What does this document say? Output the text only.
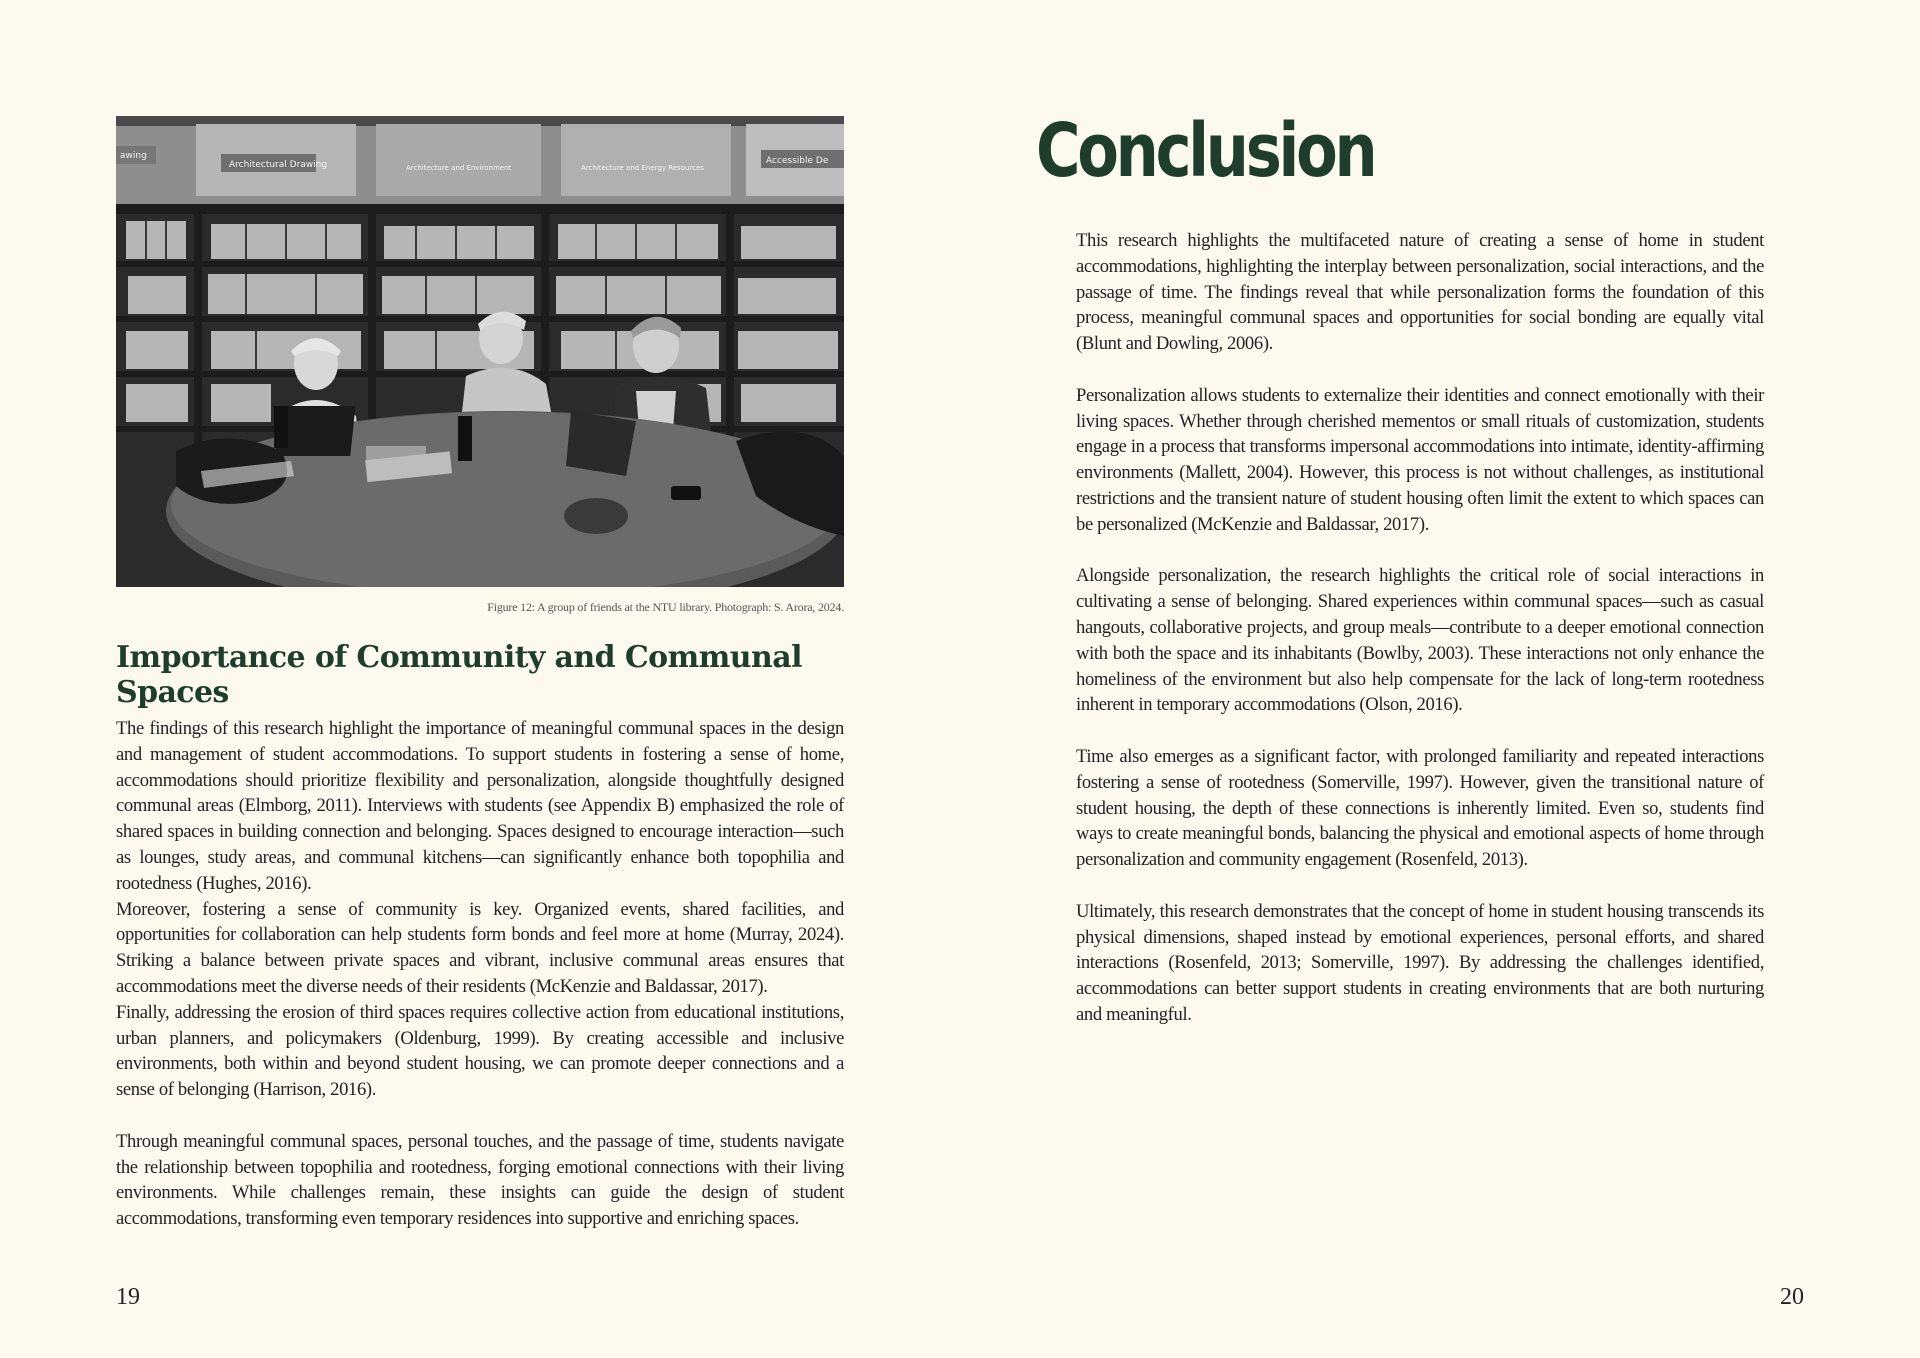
awing
Architectural Drawing	Architecture and Environment	Architecture and Energy Resources
Accessible De
Figure 12: A group of friends at the NTU library. Photograph: S. Arora, 2024.
Importance of Community and Communal Spaces

The findings of this research highlight the importance of meaningful communal spaces in the design and management of student accommodations. To support students in fostering a sense of home, accommodations should prioritize flexibility and personalization, alongside thoughtfully designed communal areas (Elmborg, 2011). Interviews with students (see Appendix B) emphasized the role of shared spaces in building connection and belonging. Spaces designed to encourage interaction—such as lounges, study areas, and communal kitchens—can significantly enhance both topophilia and rootedness (Hughes, 2016).

Moreover, fostering a sense of community is key. Organized events, shared facilities, and opportunities for collaboration can help students form bonds and feel more at home (Murray, 2024). Striking a balance between private spaces and vibrant, inclusive communal areas ensures that accommodations meet the diverse needs of their residents (McKenzie and Baldassar, 2017).

Finally, addressing the erosion of third spaces requires collective action from educational institutions, urban planners, and policymakers (Oldenburg, 1999). By creating accessible and inclusive environments, both within and beyond student housing, we can promote deeper connections and a sense of belonging (Harrison, 2016).

Through meaningful communal spaces, personal touches, and the passage of time, students navigate the relationship between topophilia and rootedness, forging emotional connections with their living environments. While challenges remain, these insights can guide the design of student accommodations, transforming even temporary residences into supportive and enriching spaces.

19
Conclusion

This research highlights the multifaceted nature of creating a sense of home in student accommodations, highlighting the interplay between personalization, social interactions, and the passage of time. The findings reveal that while personalization forms the foundation of this process, meaningful communal spaces and opportunities for social bonding are equally vital (Blunt and Dowling, 2006).

Personalization allows students to externalize their identities and connect emotionally with their living spaces. Whether through cherished mementos or small rituals of customization, students engage in a process that transforms impersonal accommodations into intimate, identity-affirming environments (Mallett, 2004). However, this process is not without challenges, as institutional restrictions and the transient nature of student housing often limit the extent to which spaces can be personalized (McKenzie and Baldassar, 2017).

Alongside personalization, the research highlights the critical role of social interactions in cultivating a sense of belonging. Shared experiences within communal spaces—such as casual hangouts, collaborative projects, and group meals—contribute to a deeper emotional connection with both the space and its inhabitants (Bowlby, 2003). These interactions not only enhance the homeliness of the environment but also help compensate for the lack of long-term rootedness inherent in temporary accommodations (Olson, 2016).

Time also emerges as a significant factor, with prolonged familiarity and repeated interactions fostering a sense of rootedness (Somerville, 1997). However, given the transitional nature of student housing, the depth of these connections is inherently limited. Even so, students find ways to create meaningful bonds, balancing the physical and emotional aspects of home through personalization and community engagement (Rosenfeld, 2013).

Ultimately, this research demonstrates that the concept of home in student housing transcends its physical dimensions, shaped instead by emotional experiences, personal efforts, and shared interactions (Rosenfeld, 2013; Somerville, 1997). By addressing the challenges identified, accommodations can better support students in creating environments that are both nurturing and meaningful.

20
